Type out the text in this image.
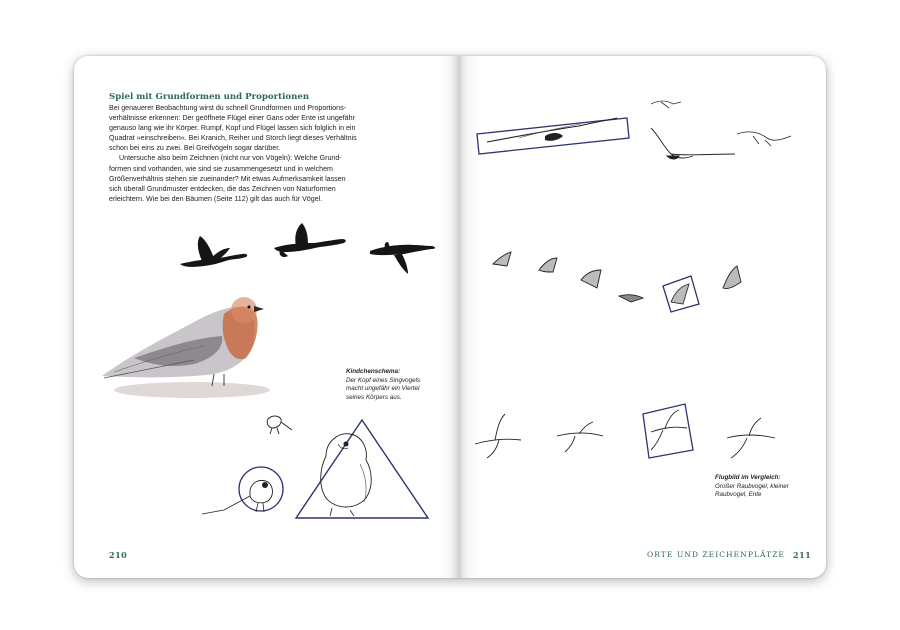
Spiel mit Grundformen und Proportionen

Bei genauerer Beobachtung wirst du schnell Grundformen und Proportions-verhältnisse erkennen: Der geöffnete Flügel einer Gans oder Ente ist ungefähr genauso lang wie ihr Körper. Rumpf, Kopf und Flügel lassen sich folglich in ein Quadrat »einschreiben«. Bei Kranich, Reiher und Storch liegt dieses Verhältnis schon bei eins zu zwei. Bei Greifvögeln sogar darüber.

Untersuche also beim Zeichnen (nicht nur von Vögeln): Welche Grund-formen sind vorhanden, wie sind sie zusammengesetzt und in welchem Größenverhältnis stehen sie zueinander? Mit etwas Aufmerksamkeit lassen sich überall Grundmuster entdecken, die das Zeichnen von Naturformen erleichtern. Wie bei den Bäumen (Seite 112) gilt das auch für Vögel.

Kindchenschema:
Der Kopf eines Singvogels macht ungefähr ein Viertel seines Körpers aus.
210
Flugbild im Vergleich:
Großer Raubvogel, kleiner Raubvogel, Ente
ORTE UND ZEICHENPLÄTZE 211
